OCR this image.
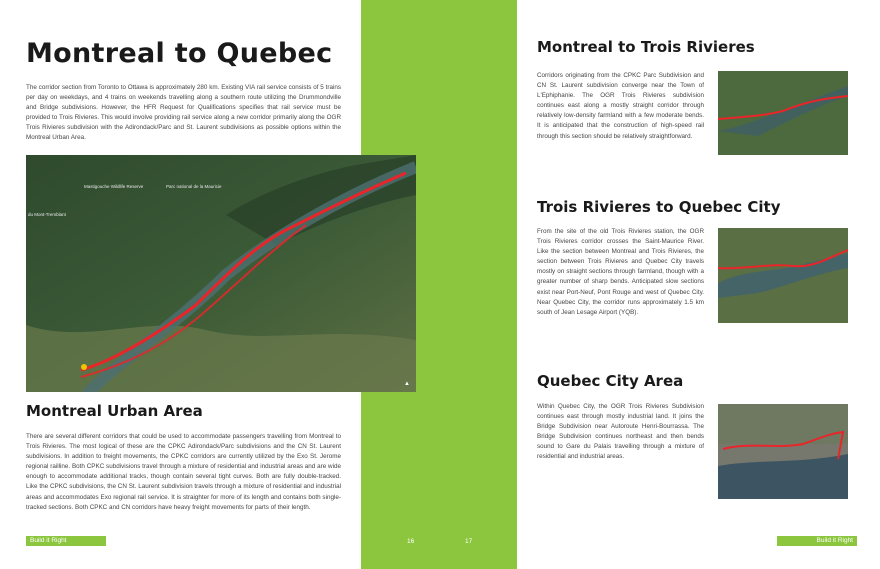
Montreal to Quebec

The corridor section from Toronto to Ottawa is approximately 280 km. Existing VIA rail service consists of 5 trains per day on weekdays, and 4 trains on weekends travelling along a southern route utilizing the Drummondville and Bridge subdivisions. However, the HFR Request for Qualifications specifies that rail service must be provided to Trois Rivieres. This would involve providing rail service along a new corridor primarily along the OGR Trois Rivieres subdivision with the Adirondack/Parc and St. Laurent subdivisions as possible options within the Montreal Urban Area.

Mastigouche Wildlife Reserve	Parc national de la Mauricie
du Mont-Tremblant
▲
Montreal Urban Area

There are several different corridors that could be used to accommodate passengers travelling from Montreal to Trois Rivieres. The most logical of these are the CPKC Adirondack/Parc subdivisions and the CN St. Laurent subdivisions. In addition to freight movements, the CPKC corridors are currently utilized by the Exo St. Jerome regional railline. Both CPKC subdivisions travel through a mixture of residential and industrial areas and are wide enough to accommodate additional tracks, though contain several tight curves. Both are fully double-tracked. Like the CPKC subdivisions, the CN St. Laurent subdivision travels through a mixture of residential and industrial areas and accommodates Exo regional rail service. It is straighter for more of its length and contains both single-tracked sections. Both CPKC and CN corridors have heavy freight movements for parts of their length.

Build it Right	16	17
Montreal to Trois Rivieres

Corridors originating from the CPKC Parc Subdivision and CN St. Laurent subdivision converge near the Town of L'Ephiphanie. The OGR Trois Rivieres subdivision continues east along a mostly straight corridor through relatively low-density farmland with a few moderate bends. It is anticipated that the construction of high-speed rail through this section should be relatively straightforward.

Trois Rivieres to Quebec City

From the site of the old Trois Rivieres station, the OGR Trois Rivieres corridor crosses the Saint-Maurice River. Like the section between Montreal and Trois Rivieres, the section between Trois Rivieres and Quebec City travels mostly on straight sections through farmland, though with a greater number of sharp bends. Anticipated slow sections exist near Port-Neuf, Pont Rouge and west of Quebec City. Near Quebec City, the corridor runs approximately 1.5 km south of Jean Lesage Airport (YQB).

Quebec City Area

Within Quebec City, the OGR Trois Rivieres Subdivision continues east through mostly industrial land. It joins the Bridge Subdivision near Autoroute Henri-Bourrassa. The Bridge Subdivision continues northeast and then bends sound to Gare du Palais travelling through a mixture of residential and industrial areas.

Build it Right
